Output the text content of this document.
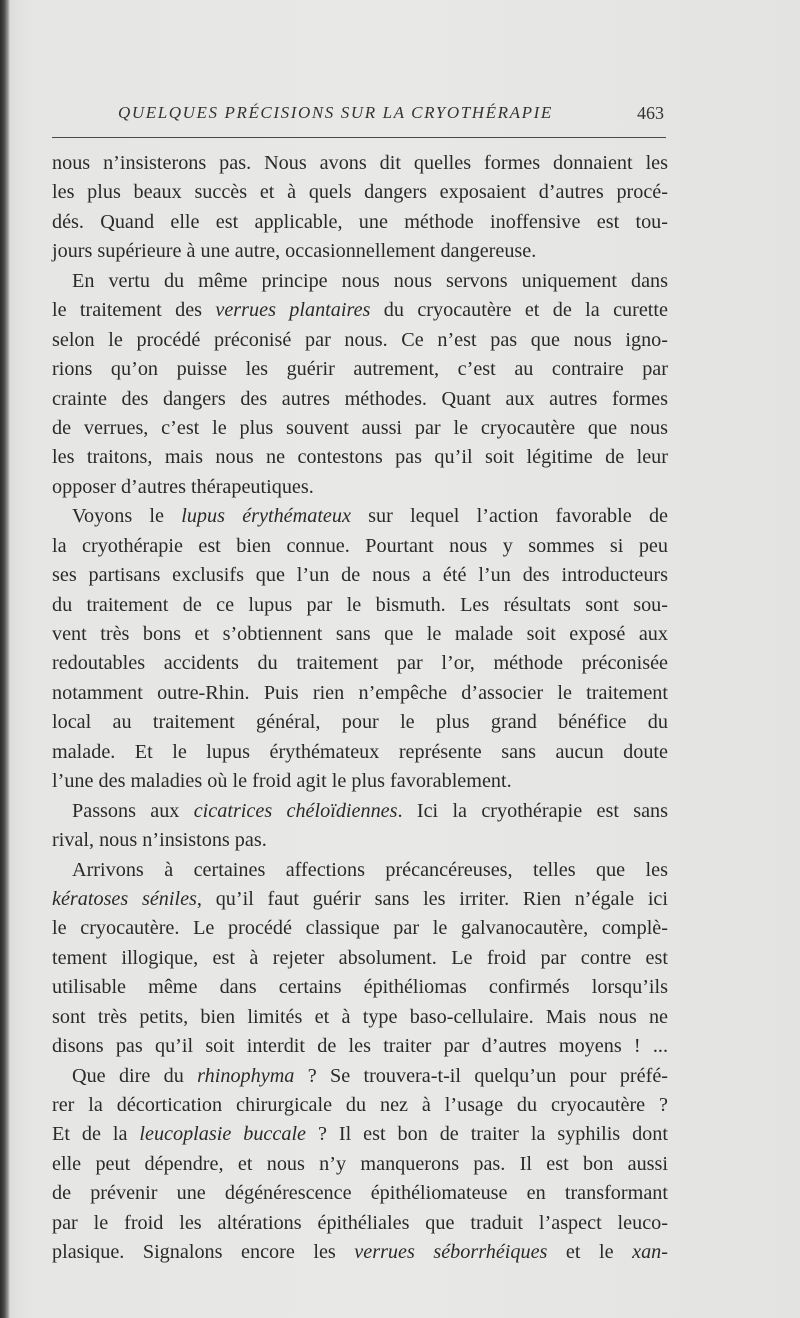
QUELQUES PRÉCISIONS SUR LA CRYOTHÉRAPIE	463
nous n’insisterons pas. Nous avons dit quelles formes donnaient les
les plus beaux succès et à quels dangers exposaient d’autres procé-
dés. Quand elle est applicable, une méthode inoffensive est tou-
jours supérieure à une autre, occasionnellement dangereuse.
En vertu du même principe nous nous servons uniquement dans
le traitement des verrues plantaires du cryocautère et de la curette
selon le procédé préconisé par nous. Ce n’est pas que nous igno-
rions qu’on puisse les guérir autrement, c’est au contraire par
crainte des dangers des autres méthodes. Quant aux autres formes
de verrues, c’est le plus souvent aussi par le cryocautère que nous
les traitons, mais nous ne contestons pas qu’il soit légitime de leur
opposer d’autres thérapeutiques.
Voyons le lupus érythémateux sur lequel l’action favorable de
la cryothérapie est bien connue. Pourtant nous y sommes si peu
ses partisans exclusifs que l’un de nous a été l’un des introducteurs
du traitement de ce lupus par le bismuth. Les résultats sont sou-
vent très bons et s’obtiennent sans que le malade soit exposé aux
redoutables accidents du traitement par l’or, méthode préconisée
notamment outre-Rhin. Puis rien n’empêche d’associer le traitement
local au traitement général, pour le plus grand bénéfice du
malade. Et le lupus érythémateux représente sans aucun doute
l’une des maladies où le froid agit le plus favorablement.
Passons aux cicatrices chéloïdiennes. Ici la cryothérapie est sans
rival, nous n’insistons pas.
Arrivons à certaines affections précancéreuses, telles que les
kératoses séniles, qu’il faut guérir sans les irriter. Rien n’égale ici
le cryocautère. Le procédé classique par le galvanocautère, complè-
tement illogique, est à rejeter absolument. Le froid par contre est
utilisable même dans certains épithéliomas confirmés lorsqu’ils
sont très petits, bien limités et à type baso-cellulaire. Mais nous ne
disons pas qu’il soit interdit de les traiter par d’autres moyens ! ...
Que dire du rhinophyma ? Se trouvera-t-il quelqu’un pour préfé-
rer la décortication chirurgicale du nez à l’usage du cryocautère ?
Et de la leucoplasie buccale ? Il est bon de traiter la syphilis dont
elle peut dépendre, et nous n’y manquerons pas. Il est bon aussi
de prévenir une dégénérescence épithéliomateuse en transformant
par le froid les altérations épithéliales que traduit l’aspect leuco-
plasique. Signalons encore les verrues séborrhéiques et le xan-
